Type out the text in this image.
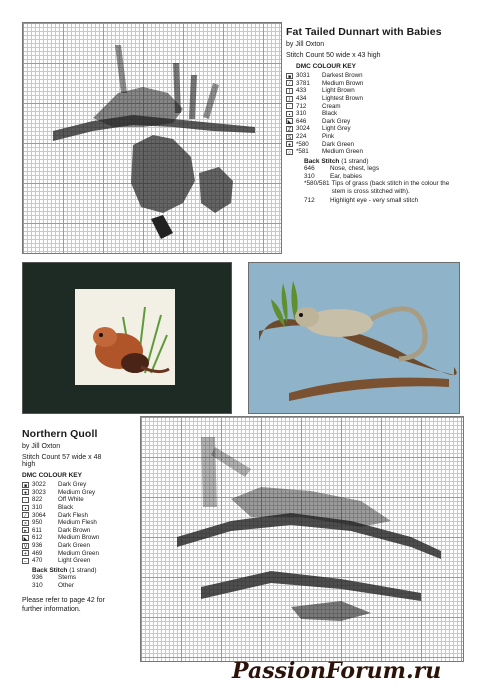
Fat Tailed Dunnart with Babies
by Jill Oxton
Stitch Count 50 wide x 43 high
DMC COLOUR KEY
■ 3031	Darkest Brown
⁄ 3781	Medium Brown
I 433	Light Brown
/ 434	Lightest Brown
· 712	Cream
▪ 310	Black
◣ 646	Dark Grey
Z 3024	Light Grey
S 224	Pink
● *580	Dark Green
○ *581	Medium Green
Back Stitch (1 strand)
646	Nose, chest, legs
310	Ear, babies
*580/581 Tips of grass (back stitch in the colour the stem is cross stitched with).
712	Highlight eye - very small stitch
Northern Quoll
by Jill Oxton
Stitch Count 57 wide x 48 high
DMC COLOUR KEY
■ 3022	Dark Grey
● 3023	Medium Grey
· 822	Off White
▪ 310	Black
⁄ 3064	Dark Flesh
× 950	Medium Flesh
▸ 611	Dark Brown
◣ 612	Medium Brown
V 936	Dark Green
+ 469	Medium Green
− 470	Light Green
Back Stitch (1 strand)
936	Stems
310	Other
Please refer to page 42 for further information.
PassionForum.ru
